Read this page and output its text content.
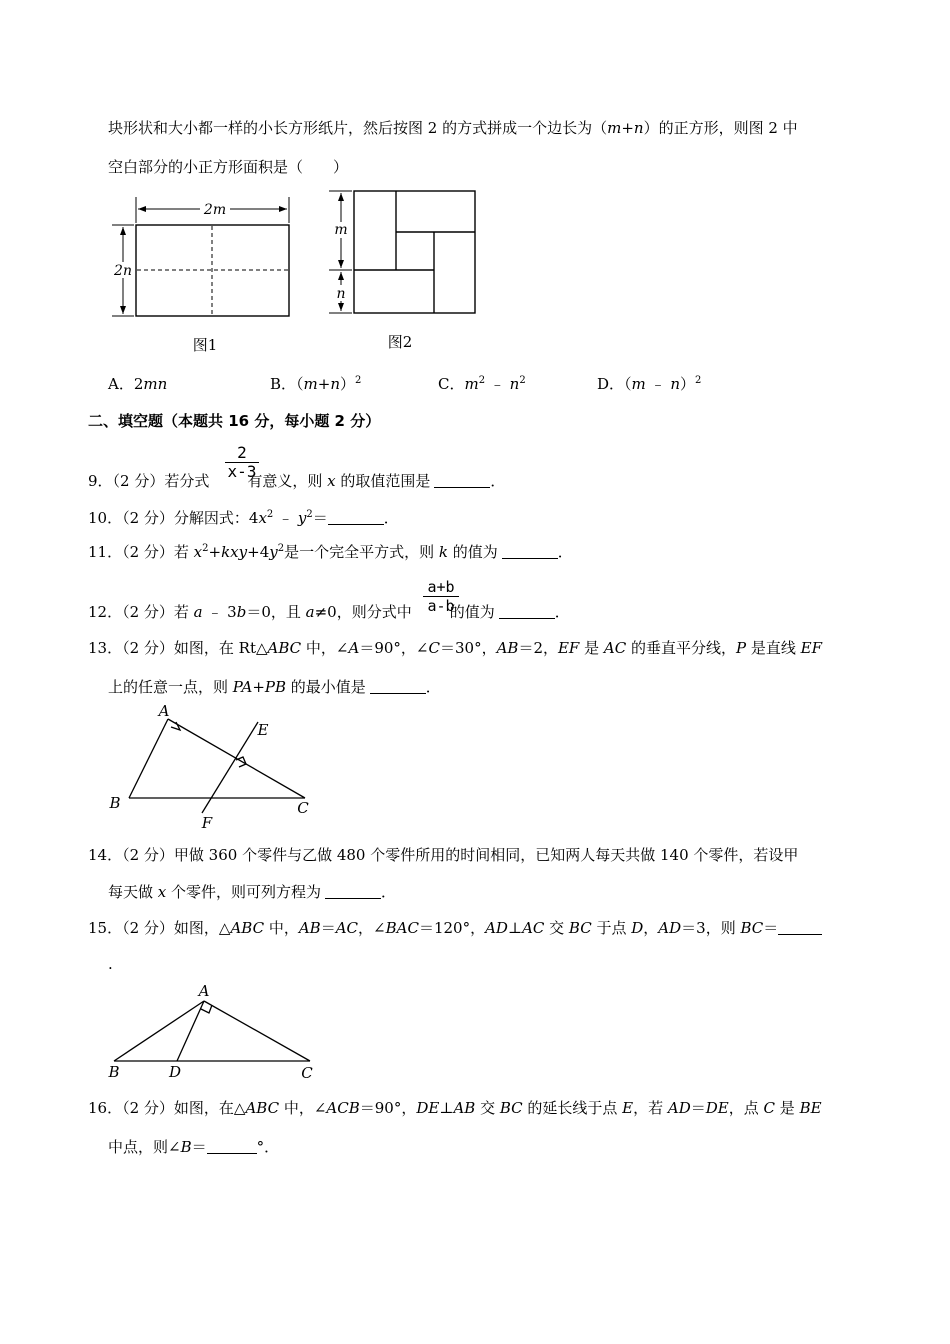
块形状和大小都一样的小长方形纸片，然后按图 2 的方式拼成一个边长为（m+n）的正方形，则图 2 中
空白部分的小正方形面积是（　　）
2m
2n
图1
m
n
图2
A．2mn	B．$(m+n)^2$	C．$m^2$ ﹣ $n^2$	D．（m ﹣ n）$^2$
二、填空题（本题共 16 分，每小题 2 分）
2
x-3
9．（2 分）若分式	有意义，则 x 的取值范围是	．
10．（2 分）分解因式：$4x^2$ ﹣ $y^2=$	．
11．（2 分）若 $x^2+kxy+4y^2$是一个完全平方式，则 k 的值为	．
a+b
a-b
12．（2 分）若 a ﹣ 3b＝0，且 a≠0，则分式中	的值为	．
13．（2 分）如图，在 Rt△ABC 中，∠A＝90°，∠C＝30°，AB＝2，EF 是 AC 的垂直平分线，P 是直线 EF
上的任意一点，则 PA+PB 的最小值是	．
A
B	C
E
F
14．（2 分）甲做 360 个零件与乙做 480 个零件所用的时间相同，已知两人每天共做 140 个零件，若设甲
每天做 x 个零件，则可列方程为	．
15．（2 分）如图，△ABC 中，AB＝AC，∠BAC＝120°，AD⊥AC 交 BC 于点 D，AD＝3，则 BC＝
.
A
B	D	C
16．（2 分）如图，在△ABC 中，∠ACB＝90°，DE⊥AB 交 BC 的延长线于点 E，若 AD＝DE，点 C 是 BE
中点，则∠B＝	°．
